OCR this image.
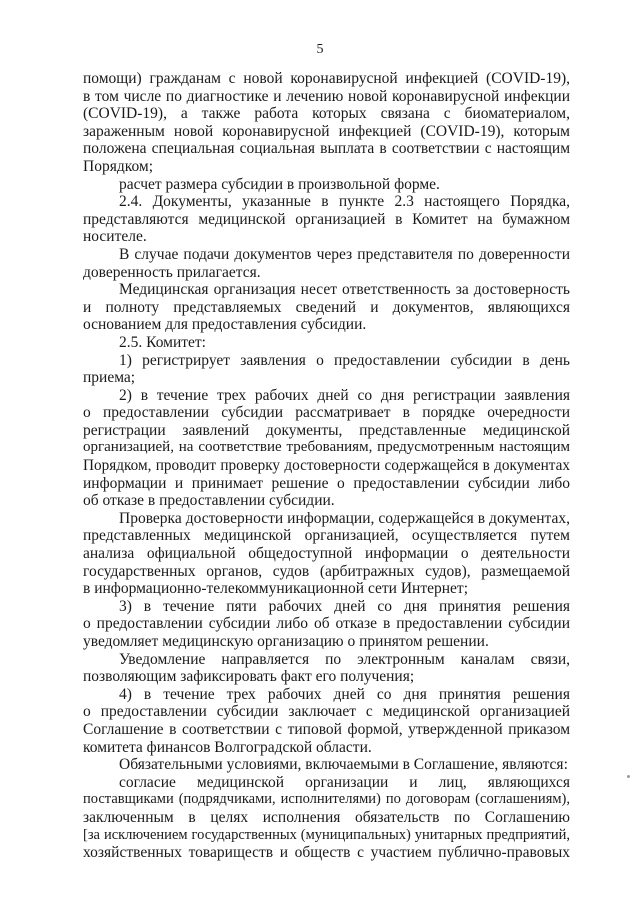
5
помощи) гражданам с новой коронавирусной инфекцией (COVID-19),
в том числе по диагностике и лечению новой коронавирусной инфекции
(COVID-19), а также работа которых связана с биоматериалом,
зараженным новой коронавирусной инфекцией (COVID-19), которым
положена специальная социальная выплата в соответствии с настоящим
Порядком;
расчет размера субсидии в произвольной форме.
2.4. Документы, указанные в пункте 2.3 настоящего Порядка,
представляются медицинской организацией в Комитет на бумажном
носителе.
В случае подачи документов через представителя по доверенности
доверенность прилагается.
Медицинская организация несет ответственность за достоверность
и полноту представляемых сведений и документов, являющихся
основанием для предоставления субсидии.
2.5. Комитет:
1) регистрирует заявления о предоставлении субсидии в день
приема;
2) в течение трех рабочих дней со дня регистрации заявления
о предоставлении субсидии рассматривает в порядке очередности
регистрации заявлений документы, представленные медицинской
организацией, на соответствие требованиям, предусмотренным настоящим
Порядком, проводит проверку достоверности содержащейся в документах
информации и принимает решение о предоставлении субсидии либо
об отказе в предоставлении субсидии.
Проверка достоверности информации, содержащейся в документах,
представленных медицинской организацией, осуществляется путем
анализа официальной общедоступной информации о деятельности
государственных органов, судов (арбитражных судов), размещаемой
в информационно-телекоммуникационной сети Интернет;
3) в течение пяти рабочих дней со дня принятия решения
о предоставлении субсидии либо об отказе в предоставлении субсидии
уведомляет медицинскую организацию о принятом решении.
Уведомление направляется по электронным каналам связи,
позволяющим зафиксировать факт его получения;
4) в течение трех рабочих дней со дня принятия решения
о предоставлении субсидии заключает с медицинской организацией
Соглашение в соответствии с типовой формой, утвержденной приказом
комитета финансов Волгоградской области.
Обязательными условиями, включаемыми в Соглашение, являются:
согласие медицинской организации и лиц, являющихся
поставщиками (подрядчиками, исполнителями) по договорам (соглашениям),
заключенным в целях исполнения обязательств по Соглашению
[за исключением государственных (муниципальных) унитарных предприятий,
хозяйственных товариществ и обществ с участием публично-правовых
